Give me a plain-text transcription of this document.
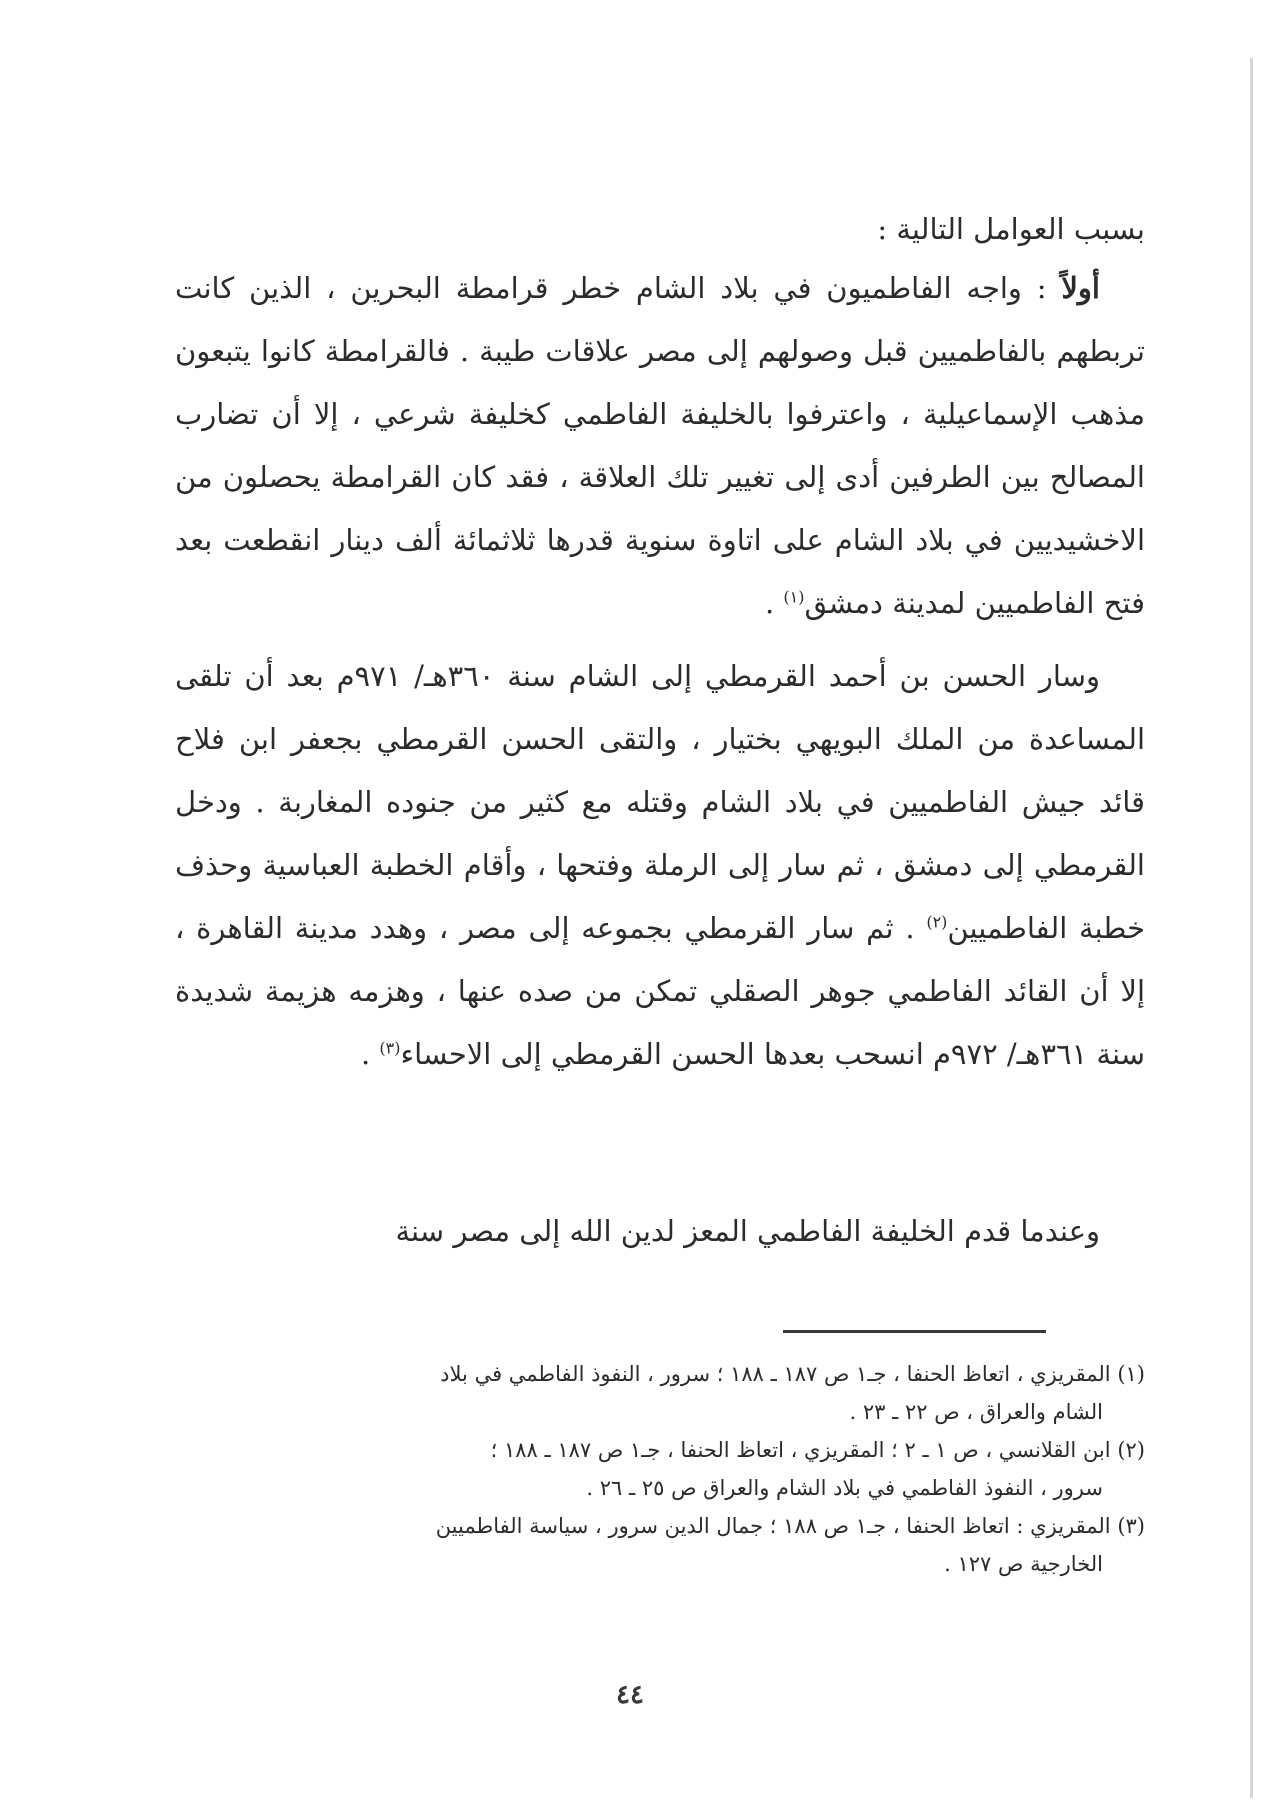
بسبب العوامل التالية :
أولاً : واجه الفاطميون في بلاد الشام خطر قرامطة البحرين ، الذين كانت تربطهم بالفاطميين قبل وصولهم إلى مصر علاقات طيبة . فالقرامطة كانوا يتبعون مذهب الإسماعيلية ، واعترفوا بالخليفة الفاطمي كخليفة شرعي ، إلا أن تضارب المصالح بين الطرفين أدى إلى تغيير تلك العلاقة ، فقد كان القرامطة يحصلون من الاخشيديين في بلاد الشام على اتاوة سنوية قدرها ثلاثمائة ألف دينار انقطعت بعد فتح الفاطميين لمدينة دمشق$^{(١)}$ .
وسار الحسن بن أحمد القرمطي إلى الشام سنة ٣٦٠هـ/ ٩٧١م بعد أن تلقى المساعدة من الملك البويهي بختيار ، والتقى الحسن القرمطي بجعفر ابن فلاح قائد جيش الفاطميين في بلاد الشام وقتله مع كثير من جنوده المغاربة . ودخل القرمطي إلى دمشق ، ثم سار إلى الرملة وفتحها ، وأقام الخطبة العباسية وحذف خطبة الفاطميين$^{(٢)}$ . ثم سار القرمطي بجموعه إلى مصر ، وهدد مدينة القاهرة ، إلا أن القائد الفاطمي جوهر الصقلي تمكن من صده عنها ، وهزمه هزيمة شديدة سنة ٣٦١هـ/ ٩٧٢م انسحب بعدها الحسن القرمطي إلى الاحساء$^{(٣)}$ .
وعندما قدم الخليفة الفاطمي المعز لدين الله إلى مصر سنة
(١) المقريزي ، اتعاظ الحنفا ، جـ١ ص ١٨٧ ـ ١٨٨ ؛ سرور ، النفوذ الفاطمي في بلاد
الشام والعراق ، ص ٢٢ ـ ٢٣ .
(٢) ابن القلانسي ، ص ١ ـ ٢ ؛ المقريزي ، اتعاظ الحنفا ، جـ١ ص ١٨٧ ـ ١٨٨ ؛
سرور ، النفوذ الفاطمي في بلاد الشام والعراق ص ٢٥ ـ ٢٦ .
(٣) المقريزي : اتعاظ الحنفا ، جـ١ ص ١٨٨ ؛ جمال الدين سرور ، سياسة الفاطميين
الخارجية ص ١٢٧ .
٤٤
